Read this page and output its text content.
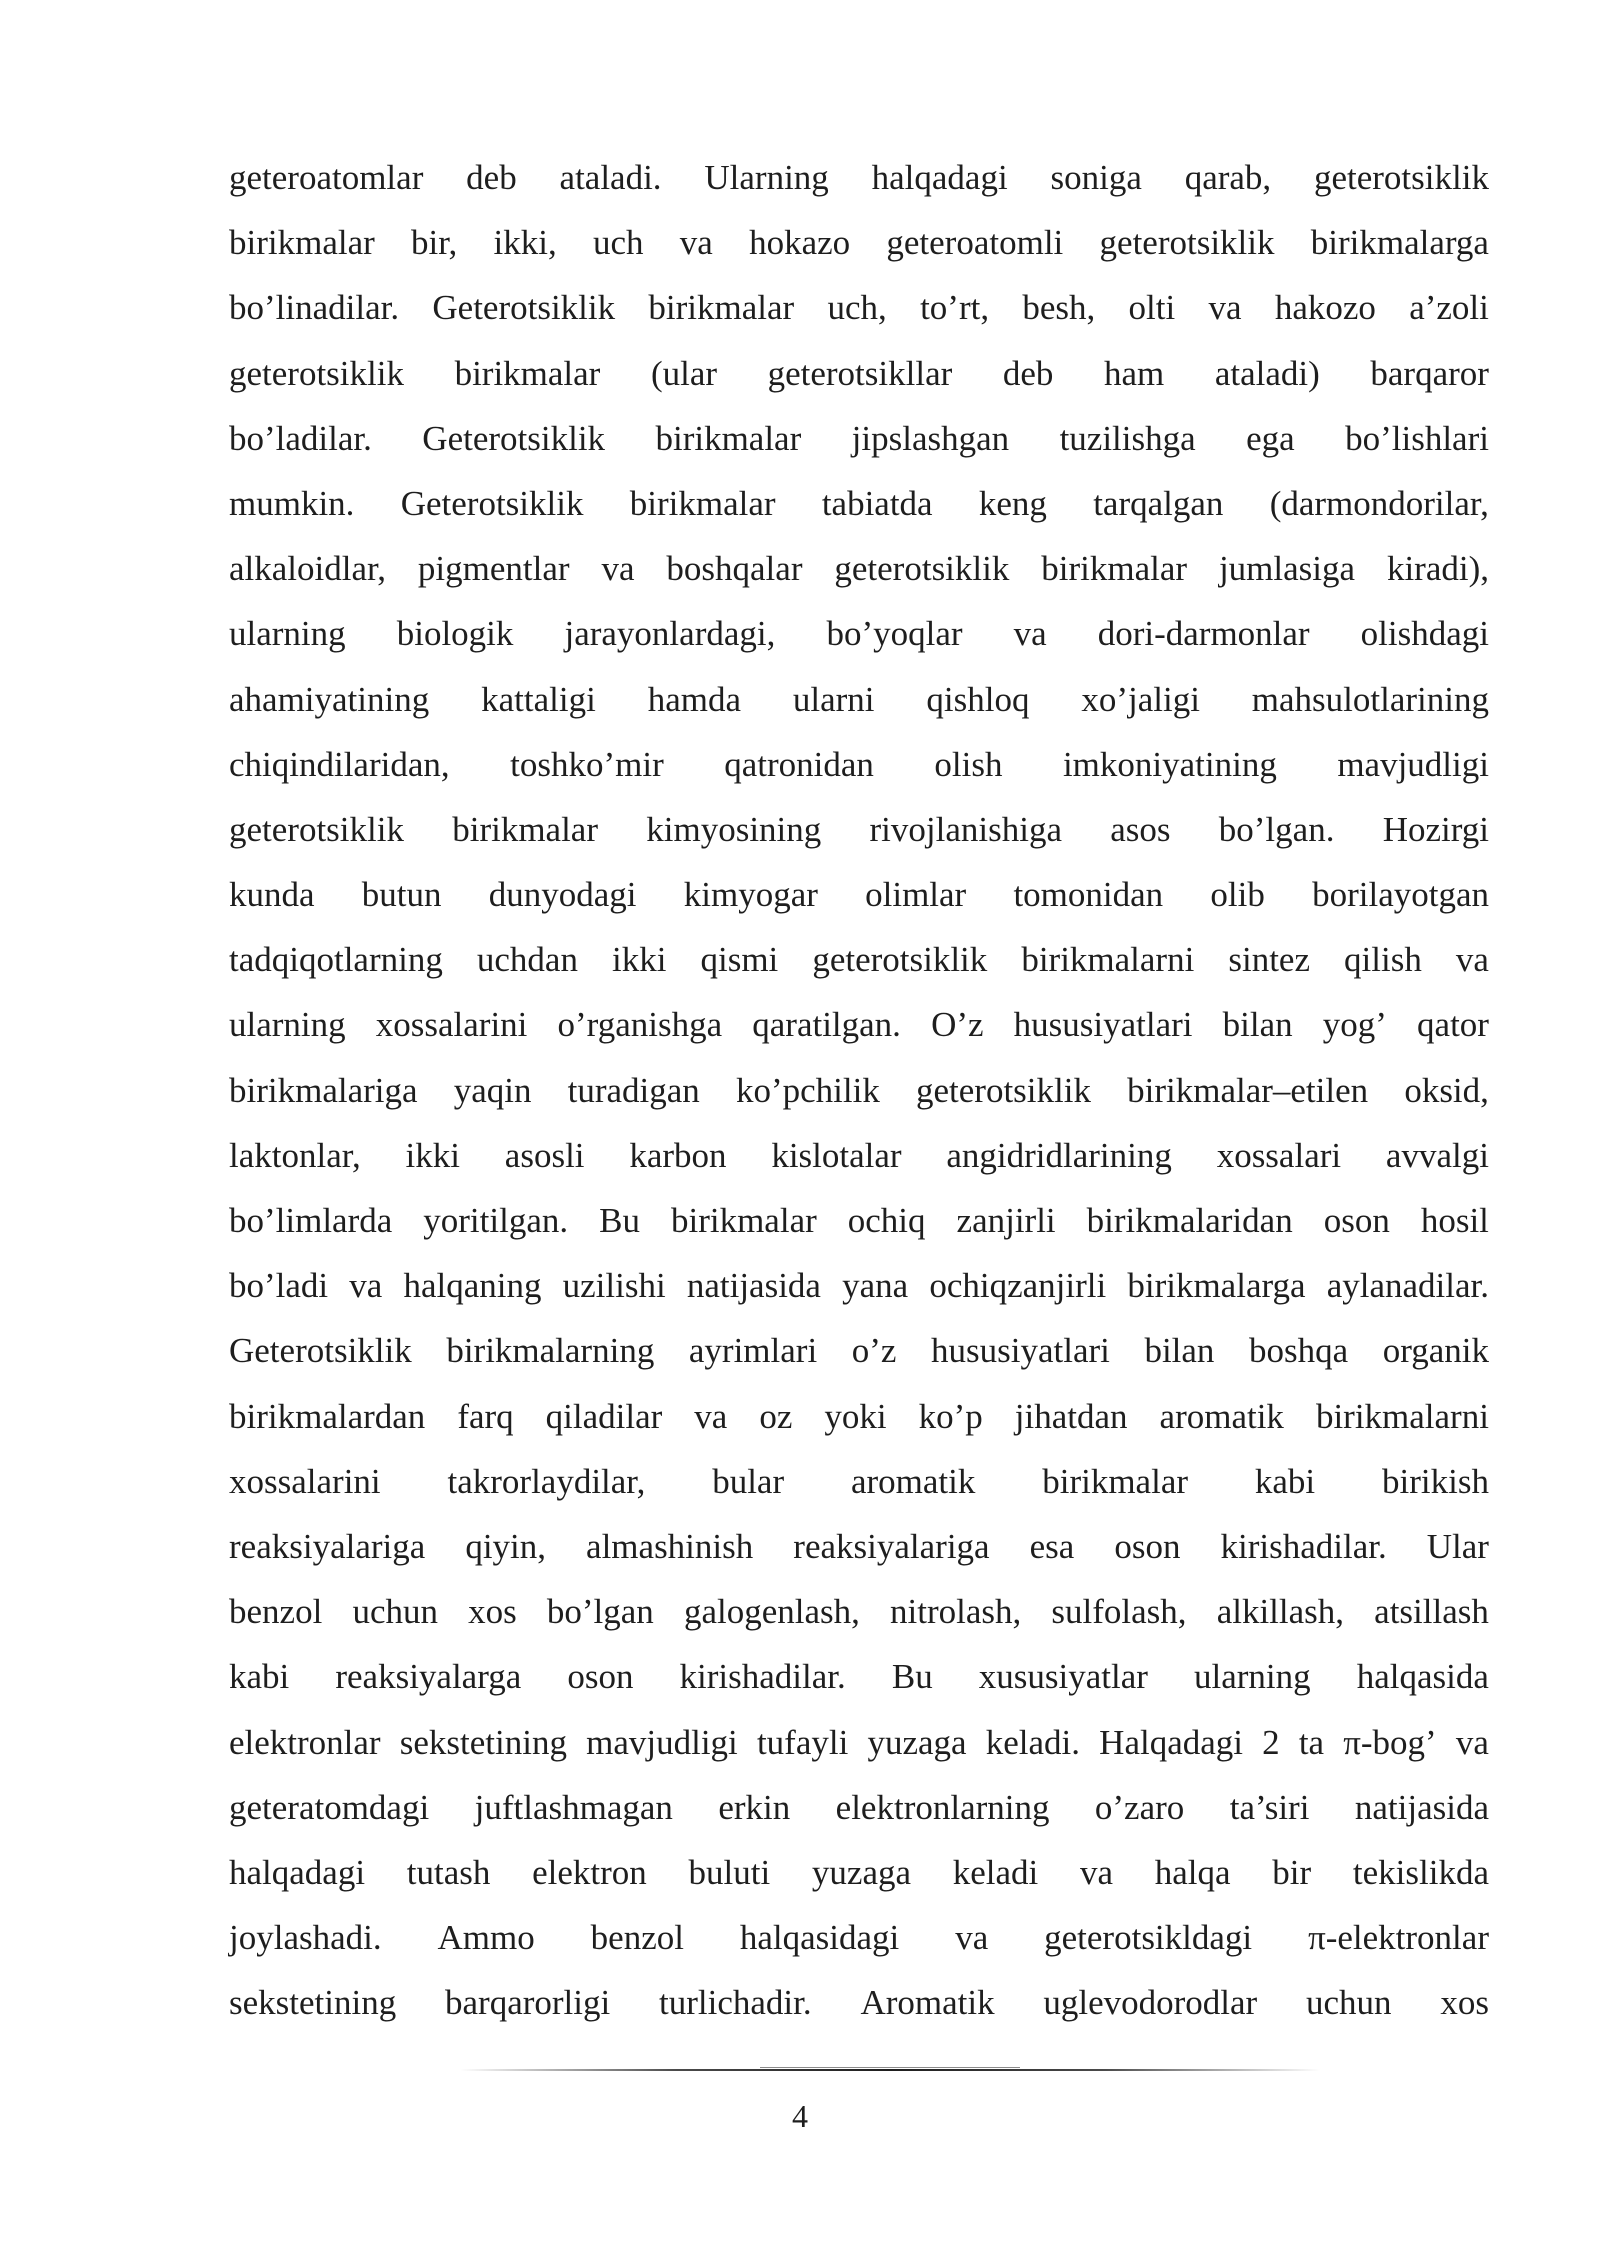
geteroatomlar deb ataladi. Ularning halqadagi soniga qarab, geterotsiklik
birikmalar bir, ikki, uch va hokazo geteroatomli geterotsiklik birikmalarga
bo’linadilar. Geterotsiklik birikmalar uch, to’rt, besh, olti va hakozo a’zoli
geterotsiklik birikmalar (ular geterotsikllar deb ham ataladi) barqaror
bo’ladilar. Geterotsiklik birikmalar jipslashgan tuzilishga ega bo’lishlari
mumkin. Geterotsiklik birikmalar tabiatda keng tarqalgan (darmondorilar,
alkaloidlar, pigmentlar va boshqalar geterotsiklik birikmalar jumlasiga kiradi),
ularning biologik jarayonlardagi, bo’yoqlar va dori-darmonlar olishdagi
ahamiyatining kattaligi hamda ularni qishloq xo’jaligi mahsulotlarining
chiqindilaridan, toshko’mir qatronidan olish imkoniyatining mavjudligi
geterotsiklik birikmalar kimyosining rivojlanishiga asos bo’lgan. Hozirgi
kunda butun dunyodagi kimyogar olimlar tomonidan olib borilayotgan
tadqiqotlarning uchdan ikki qismi geterotsiklik birikmalarni sintez qilish va
ularning xossalarini o’rganishga qaratilgan. O’z hususiyatlari bilan yog’ qator
birikmalariga yaqin turadigan ko’pchilik geterotsiklik birikmalar–etilen oksid,
laktonlar, ikki asosli karbon kislotalar angidridlarining xossalari avvalgi
bo’limlarda yoritilgan. Bu birikmalar ochiq zanjirli birikmalaridan oson hosil
bo’ladi va halqaning uzilishi natijasida yana ochiqzanjirli birikmalarga aylanadilar.
Geterotsiklik birikmalarning ayrimlari o’z hususiyatlari bilan boshqa organik
birikmalardan farq qiladilar va oz yoki ko’p jihatdan aromatik birikmalarni
xossalarini takrorlaydilar, bular aromatik birikmalar kabi birikish
reaksiyalariga qiyin, almashinish reaksiyalariga esa oson kirishadilar. Ular
benzol uchun xos bo’lgan galogenlash, nitrolash, sulfolash, alkillash, atsillash
kabi reaksiyalarga oson kirishadilar. Bu xususiyatlar ularning halqasida
elektronlar sekstetining mavjudligi tufayli yuzaga keladi. Halqadagi 2 ta π-bog’ va
geteratomdagi juftlashmagan erkin elektronlarning o’zaro ta’siri natijasida
halqadagi tutash elektron buluti yuzaga keladi va halqa bir tekislikda
joylashadi. Ammo benzol halqasidagi va geterotsikldagi π-elektronlar
sekstetining barqarorligi turlichadir. Aromatik uglevodorodlar uchun xos
4
